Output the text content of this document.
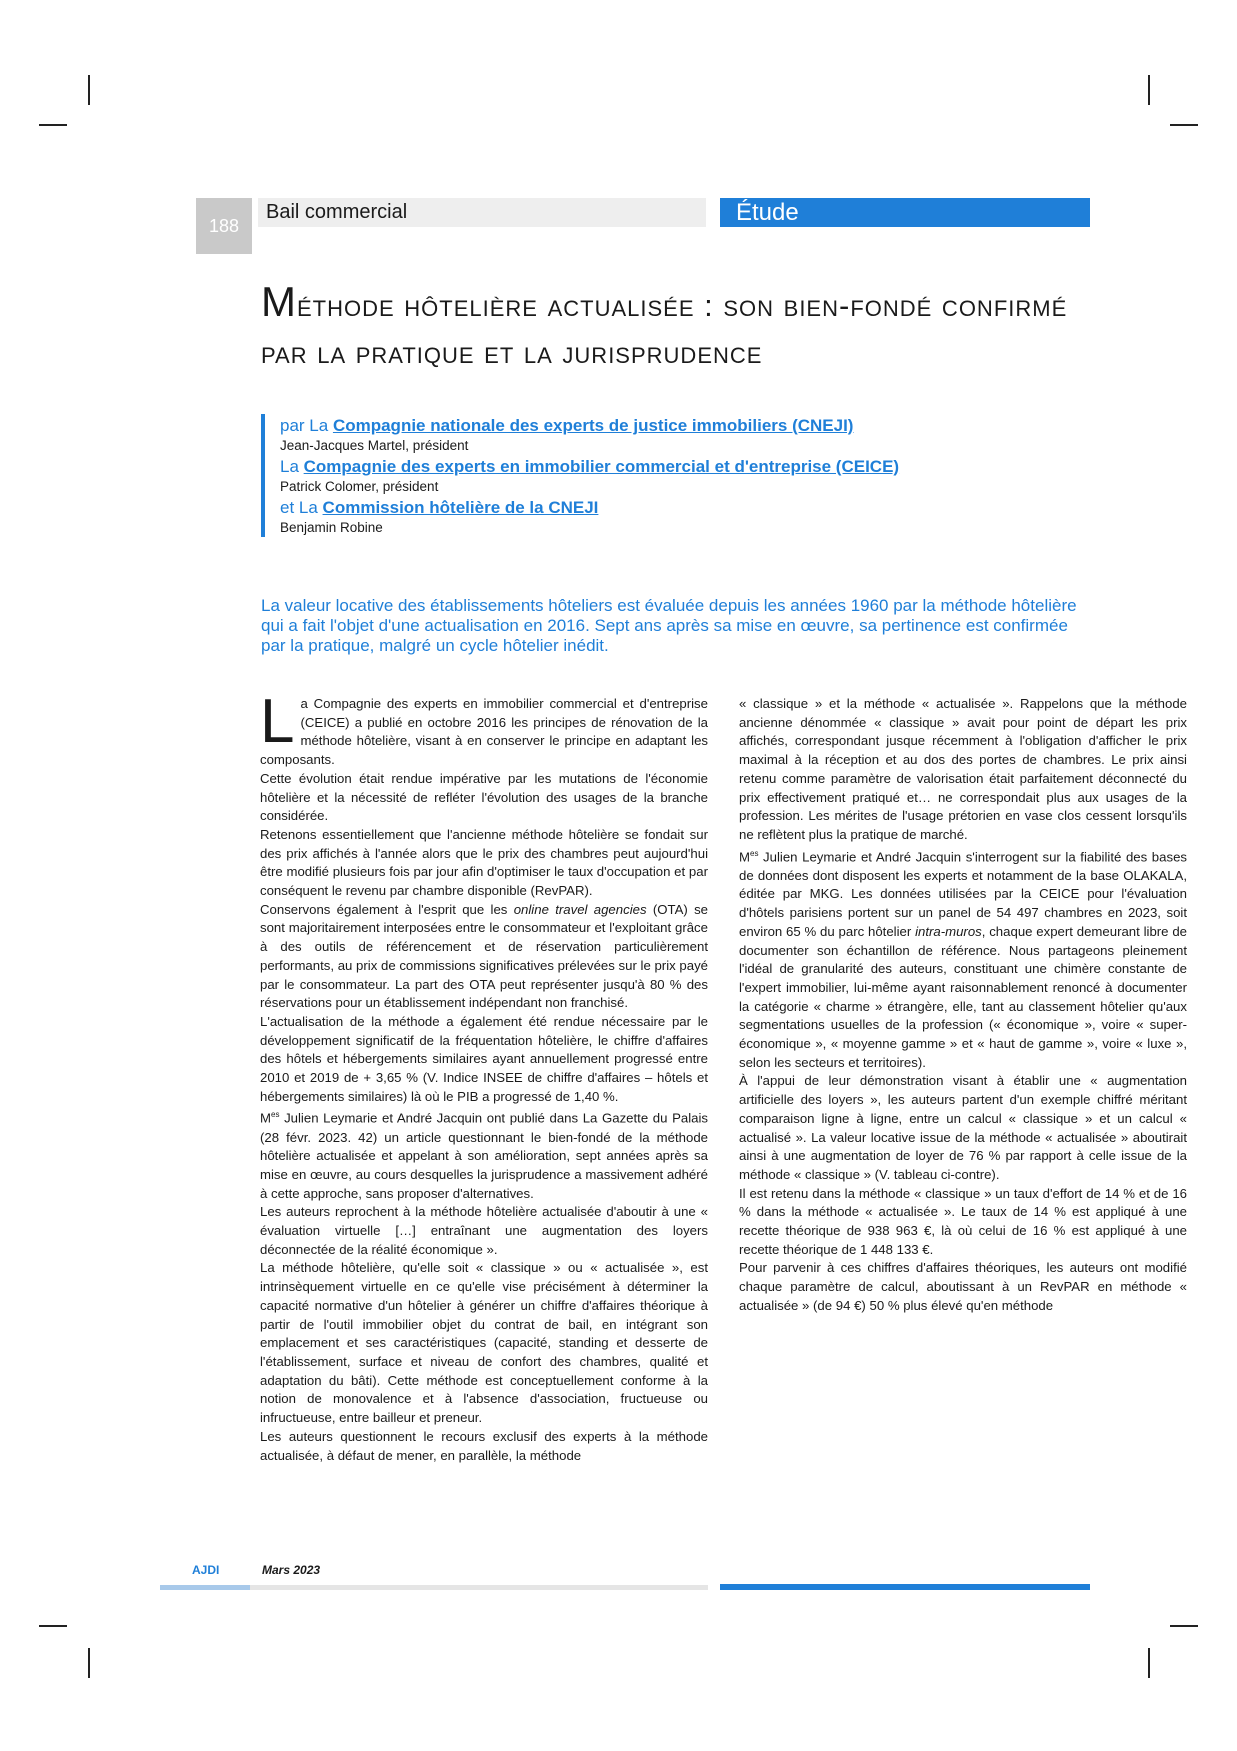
188
Bail commercial	Étude
Méthode hôtelière actualisée : son bien-fondé confirmé par la pratique et la jurisprudence
par La Compagnie nationale des experts de justice immobiliers (CNEJI)
Jean-Jacques Martel, président
La Compagnie des experts en immobilier commercial et d'entreprise (CEICE)
Patrick Colomer, président
et La Commission hôtelière de la CNEJI
Benjamin Robine

La valeur locative des établissements hôteliers est évaluée depuis les années 1960 par la méthode hôtelière qui a fait l'objet d'une actualisation en 2016. Sept ans après sa mise en œuvre, sa pertinence est confirmée par la pratique, malgré un cycle hôtelier inédit.

La Compagnie des experts en immobilier commercial et d'entreprise (CEICE) a publié en octobre 2016 les principes de rénovation de la méthode hôtelière, visant à en conserver le principe en adaptant les composants.

Cette évolution était rendue impérative par les mutations de l'économie hôtelière et la nécessité de refléter l'évolution des usages de la branche considérée.

Retenons essentiellement que l'ancienne méthode hôtelière se fondait sur des prix affichés à l'année alors que le prix des chambres peut aujourd'hui être modifié plusieurs fois par jour afin d'optimiser le taux d'occupation et par conséquent le revenu par chambre disponible (RevPAR).

Conservons également à l'esprit que les online travel agencies (OTA) se sont majoritairement interposées entre le consommateur et l'exploitant grâce à des outils de référencement et de réservation particulièrement performants, au prix de commissions significatives prélevées sur le prix payé par le consommateur. La part des OTA peut représenter jusqu'à 80 % des réservations pour un établissement indépendant non franchisé.

L'actualisation de la méthode a également été rendue nécessaire par le développement significatif de la fréquentation hôtelière, le chiffre d'affaires des hôtels et hébergements similaires ayant annuellement progressé entre 2010 et 2019 de + 3,65 % (V. Indice INSEE de chiffre d'affaires – hôtels et hébergements similaires) là où le PIB a progressé de 1,40 %.

$M^{es}$ Julien Leymarie et André Jacquin ont publié dans La Gazette du Palais (28 févr. 2023. 42) un article questionnant le bien-fondé de la méthode hôtelière actualisée et appelant à son amélioration, sept années après sa mise en œuvre, au cours desquelles la jurisprudence a massivement adhéré à cette approche, sans proposer d'alternatives.

Les auteurs reprochent à la méthode hôtelière actualisée d'aboutir à une « évaluation virtuelle […] entraînant une augmentation des loyers déconnectée de la réalité économique ».

La méthode hôtelière, qu'elle soit « classique » ou « actualisée », est intrinsèquement virtuelle en ce qu'elle vise précisément à déterminer la capacité normative d'un hôtelier à générer un chiffre d'affaires théorique à partir de l'outil immobilier objet du contrat de bail, en intégrant son emplacement et ses caractéristiques (capacité, standing et desserte de l'établissement, surface et niveau de confort des chambres, qualité et adaptation du bâti). Cette méthode est conceptuellement conforme à la notion de monovalence et à l'absence d'association, fructueuse ou infructueuse, entre bailleur et preneur.

Les auteurs questionnent le recours exclusif des experts à la méthode actualisée, à défaut de mener, en parallèle, la méthode

« classique » et la méthode « actualisée ». Rappelons que la méthode ancienne dénommée « classique » avait pour point de départ les prix affichés, correspondant jusque récemment à l'obligation d'afficher le prix maximal à la réception et au dos des portes de chambres. Le prix ainsi retenu comme paramètre de valorisation était parfaitement déconnecté du prix effectivement pratiqué et… ne correspondait plus aux usages de la profession. Les mérites de l'usage prétorien en vase clos cessent lorsqu'ils ne reflètent plus la pratique de marché.

$M^{es}$ Julien Leymarie et André Jacquin s'interrogent sur la fiabilité des bases de données dont disposent les experts et notamment de la base OLAKALA, éditée par MKG. Les données utilisées par la CEICE pour l'évaluation d'hôtels parisiens portent sur un panel de 54 497 chambres en 2023, soit environ 65 % du parc hôtelier intra-muros, chaque expert demeurant libre de documenter son échantillon de référence. Nous partageons pleinement l'idéal de granularité des auteurs, constituant une chimère constante de l'expert immobilier, lui-même ayant raisonnablement renoncé à documenter la catégorie « charme » étrangère, elle, tant au classement hôtelier qu'aux segmentations usuelles de la profession (« économique », voire « super-économique », « moyenne gamme » et « haut de gamme », voire « luxe », selon les secteurs et territoires).

À l'appui de leur démonstration visant à établir une « augmentation artificielle des loyers », les auteurs partent d'un exemple chiffré méritant comparaison ligne à ligne, entre un calcul « classique » et un calcul « actualisé ». La valeur locative issue de la méthode « actualisée » aboutirait ainsi à une augmentation de loyer de 76 % par rapport à celle issue de la méthode « classique » (V. tableau ci-contre).

Il est retenu dans la méthode « classique » un taux d'effort de 14 % et de 16 % dans la méthode « actualisée ». Le taux de 14 % est appliqué à une recette théorique de 938 963 €, là où celui de 16 % est appliqué à une recette théorique de 1 448 133 €.

Pour parvenir à ces chiffres d'affaires théoriques, les auteurs ont modifié chaque paramètre de calcul, aboutissant à un RevPAR en méthode « actualisée » (de 94 €) 50 % plus élevé qu'en méthode

AJDI	Mars 2023
